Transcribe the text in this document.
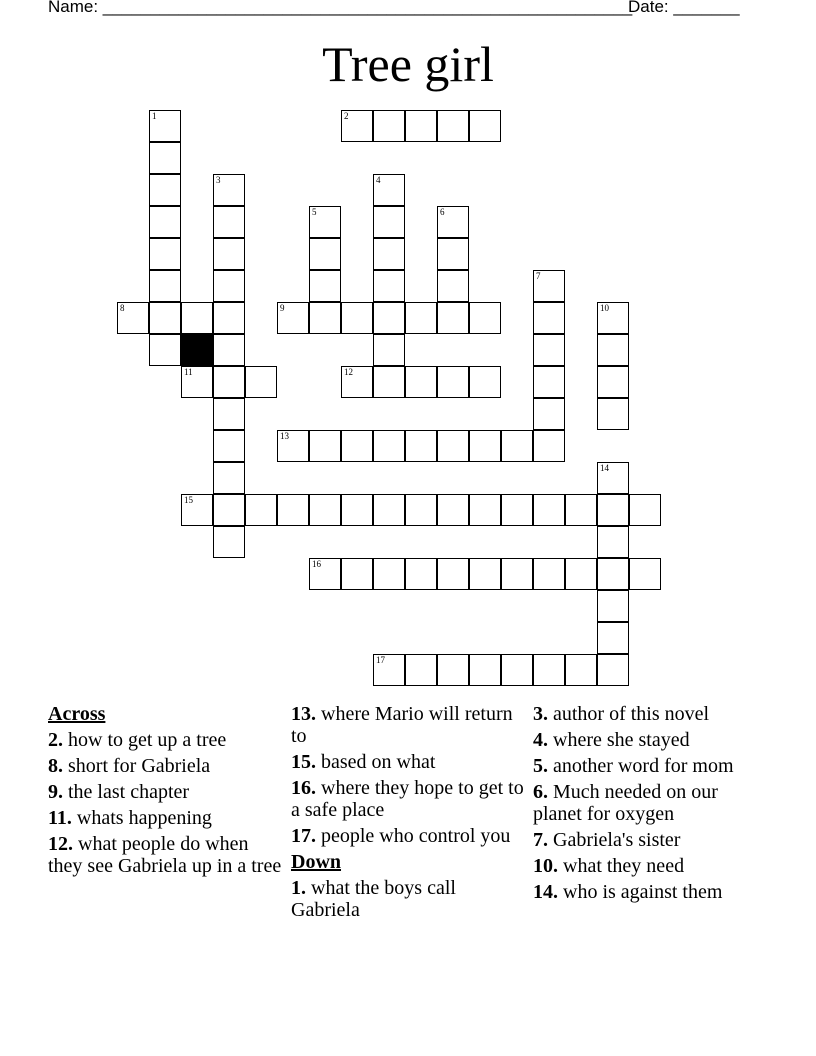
Name: ________________________________________________________
Date: _______
Tree girl
1	2
3	4
5	6
7
8	9	10
11	12
13
14
15
16
17
Across
2. how to get up a tree
8. short for Gabriela
9. the last chapter
11. whats happening
12. what people do when they see Gabriela up in a tree
13. where Mario will return to
15. based on what
16. where they hope to get to a safe place
17. people who control you
Down
1. what the boys call Gabriela
3. author of this novel
4. where she stayed
5. another word for mom
6. Much needed on our planet for oxygen
7. Gabriela's sister
10. what they need
14. who is against them
